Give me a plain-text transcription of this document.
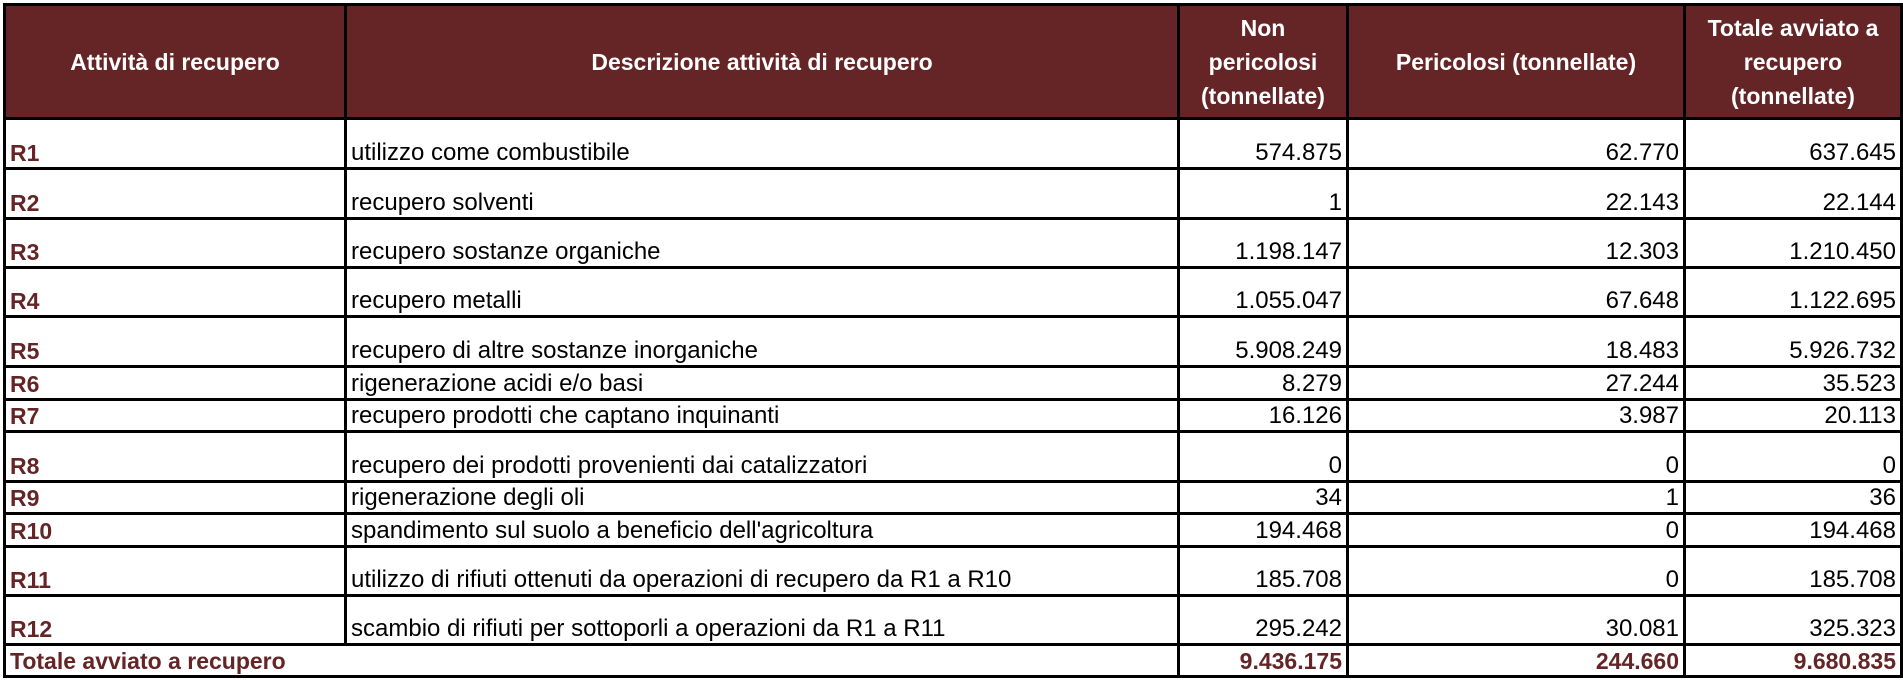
Attività di recupero	Descrizione attività di recupero	Non pericolosi (tonnellate)	Pericolosi (tonnellate)	Totale avviato a recupero (tonnellate)
R1	utilizzo come combustibile	574.875	62.770	637.645
R2	recupero solventi	1	22.143	22.144
R3	recupero sostanze organiche	1.198.147	12.303	1.210.450
R4	recupero metalli	1.055.047	67.648	1.122.695
R5	recupero di altre sostanze inorganiche	5.908.249	18.483	5.926.732
R6	rigenerazione acidi e/o basi	8.279	27.244	35.523
R7	recupero prodotti che captano inquinanti	16.126	3.987	20.113
R8	recupero dei prodotti provenienti dai catalizzatori	0	0	0
R9	rigenerazione degli oli	34	1	36
R10	spandimento sul suolo a beneficio dell'agricoltura	194.468	0	194.468
R11	utilizzo di rifiuti ottenuti da operazioni di recupero da R1 a R10	185.708	0	185.708
R12	scambio di rifiuti per sottoporli a operazioni da R1 a R11	295.242	30.081	325.323
Totale avviato a recupero		9.436.175	244.660	9.680.835
